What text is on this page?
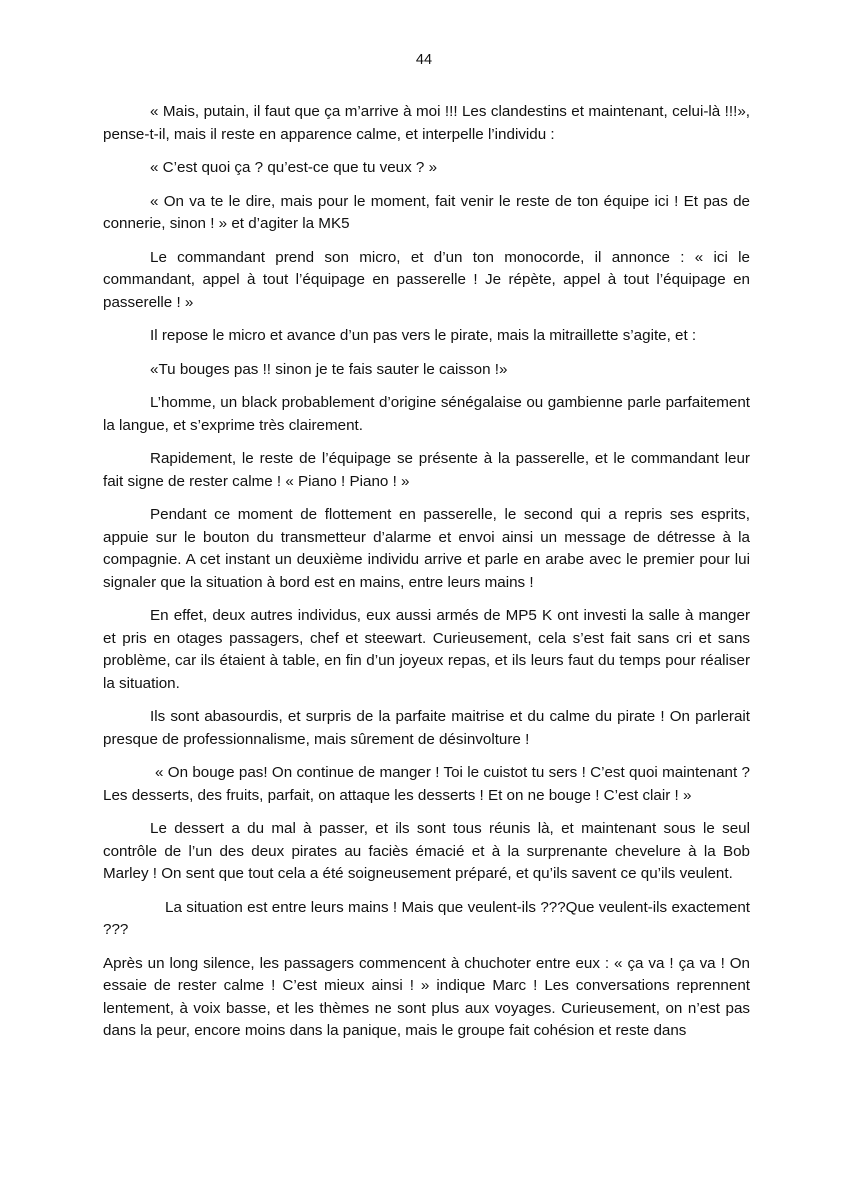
44

« Mais, putain, il faut que ça m’arrive à moi !!! Les clandestins et maintenant, celui-là !!!», pense-t-il, mais il reste en apparence calme, et interpelle l’individu :

« C’est quoi ça ? qu’est-ce que tu veux ? »

« On va te le dire, mais pour le moment, fait venir le reste de ton équipe ici ! Et pas de connerie, sinon ! » et d’agiter la MK5

Le commandant prend son micro, et d’un ton monocorde, il annonce : « ici le commandant, appel à tout l’équipage en passerelle ! Je répète, appel à tout l’équipage en passerelle ! »

Il repose le micro et avance d’un pas vers le pirate, mais la mitraillette s’agite, et :

«Tu bouges pas !! sinon je te fais sauter le caisson !»

L’homme, un black probablement d’origine sénégalaise ou gambienne parle parfaitement la langue, et s’exprime très clairement.

Rapidement, le reste de l’équipage se présente à la passerelle, et le commandant leur fait signe de rester calme ! « Piano ! Piano ! »

Pendant ce moment de flottement en passerelle, le second qui a repris ses esprits, appuie sur le bouton du transmetteur d’alarme et envoi ainsi un message de détresse à la compagnie. A cet instant un deuxième individu arrive et parle en arabe avec le premier pour lui signaler que la situation à bord est en mains, entre leurs mains !

En effet, deux autres individus, eux aussi armés de MP5 K ont investi la salle à manger et pris en otages passagers, chef et steewart. Curieusement, cela s’est fait sans cri et sans problème, car ils étaient à table, en fin d’un joyeux repas, et ils leurs faut du temps pour réaliser la situation.

Ils sont abasourdis, et surpris de la parfaite maitrise et du calme du pirate ! On parlerait presque de professionnalisme, mais sûrement de désinvolture !

« On bouge pas! On continue de manger ! Toi le cuistot tu sers ! C’est quoi maintenant ? Les desserts, des fruits, parfait, on attaque les desserts ! Et on ne bouge ! C’est clair ! »

Le dessert a du mal à passer, et ils sont tous réunis là, et maintenant sous le seul contrôle de l’un des deux pirates au faciès émacié et à la surprenante chevelure à la Bob Marley ! On sent que tout cela a été soigneusement préparé, et qu’ils savent ce qu’ils veulent.

La situation est entre leurs mains ! Mais que veulent-ils ???Que veulent-ils exactement ???

Après un long silence, les passagers commencent à chuchoter entre eux : « ça va ! ça va ! On essaie de rester calme ! C’est mieux ainsi ! » indique Marc ! Les conversations reprennent lentement, à voix basse, et les thèmes ne sont plus aux voyages. Curieusement, on n’est pas dans la peur, encore moins dans la panique, mais le groupe fait cohésion et reste dans
